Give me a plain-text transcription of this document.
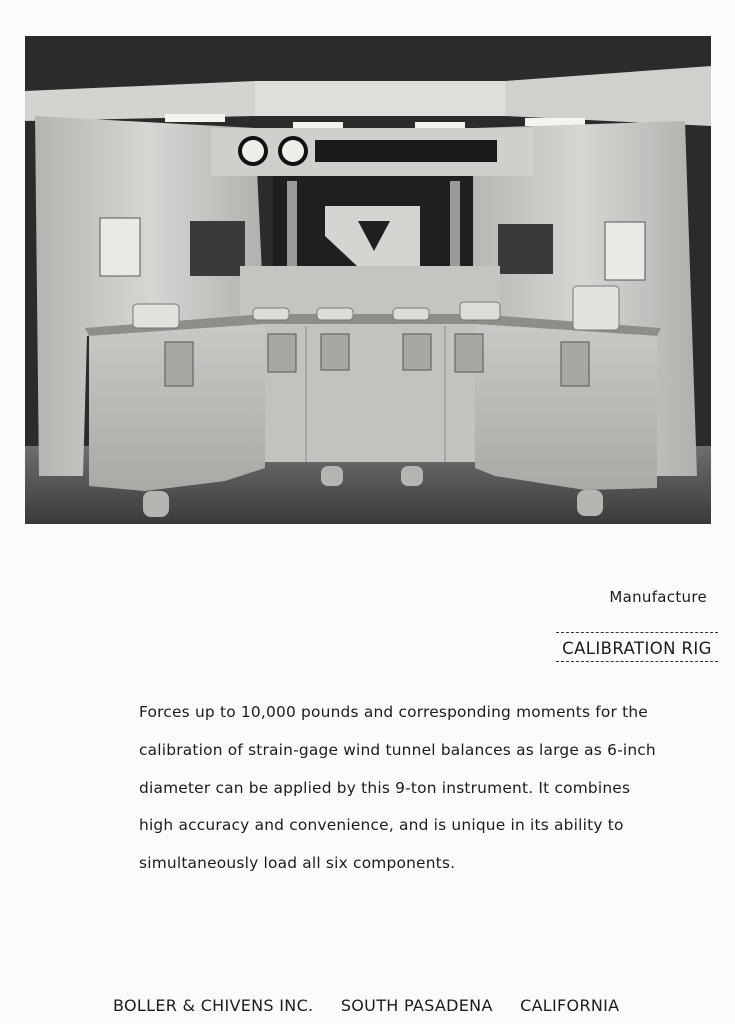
Manufacture
CALIBRATION RIG

Forces up to 10,000 pounds and corresponding moments for the

calibration of strain-gage wind tunnel balances as large as 6-inch

diameter can be applied by this 9-ton instrument. It combines

high accuracy and convenience, and is unique in its ability to

simultaneously load all six components.

BOLLER & CHIVENS INC. SOUTH PASADENA CALIFORNIA
